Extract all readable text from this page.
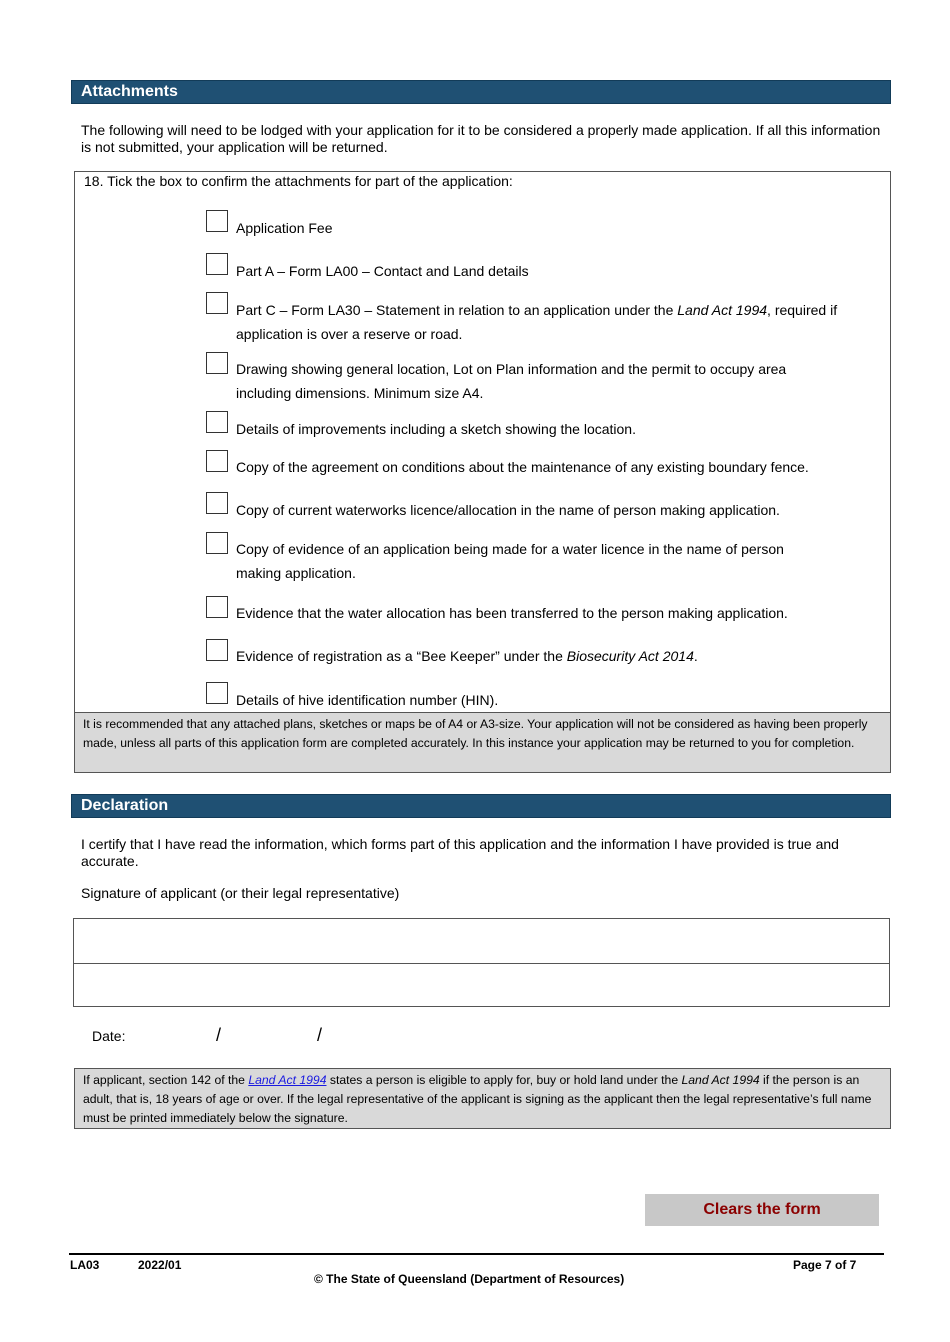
Attachments
The following will need to be lodged with your application for it to be considered a properly made application. If all this information is not submitted, your application will be returned.
18. Tick the box to confirm the attachments for part of the application:
Application Fee
Part A – Form LA00 – Contact and Land details
Part C – Form LA30 – Statement in relation to an application under the Land Act 1994, required if application is over a reserve or road.
Drawing showing general location, Lot on Plan information and the permit to occupy area including dimensions. Minimum size A4.
Details of improvements including a sketch showing the location.
Copy of the agreement on conditions about the maintenance of any existing boundary fence.
Copy of current waterworks licence/allocation in the name of person making application.
Copy of evidence of an application being made for a water licence in the name of person making application.
Evidence that the water allocation has been transferred to the person making application.
Evidence of registration as a “Bee Keeper” under the Biosecurity Act 2014.
Details of hive identification number (HIN).
It is recommended that any attached plans, sketches or maps be of A4 or A3-size. Your application will not be considered as having been properly made, unless all parts of this application form are completed accurately. In this instance your application may be returned to you for completion.
Declaration
I certify that I have read the information, which forms part of this application and the information I have provided is true and accurate.
Signature of applicant (or their legal representative)
Date:	/	/
If applicant, section 142 of the Land Act 1994 states a person is eligible to apply for, buy or hold land under the Land Act 1994 if the person is an adult, that is, 18 years of age or over. If the legal representative of the applicant is signing as the applicant then the legal representative’s full name must be printed immediately below the signature.
Clears the form
LA03	2022/01
© The State of Queensland (Department of Resources)
Page 7 of 7
